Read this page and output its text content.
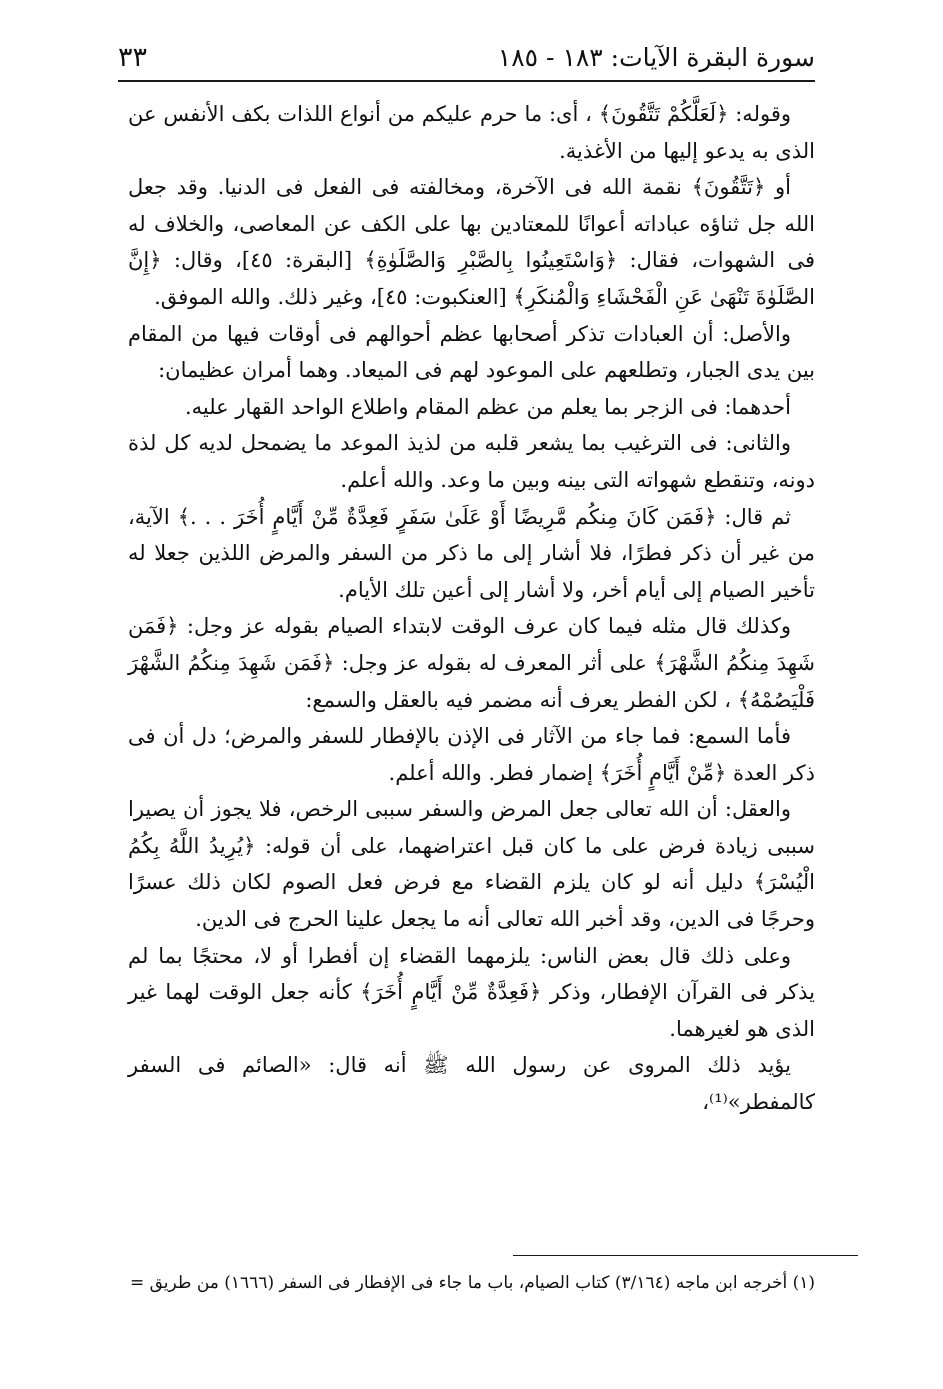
سورة البقرة الآيات: ١٨٣ - ١٨٥
٣٣

وقوله: ﴿لَعَلَّكُمْ تَتَّقُونَ﴾ ، أى: ما حرم عليكم من أنواع اللذات بكف الأنفس عن الذى به يدعو إليها من الأغذية.

أو ﴿تَتَّقُونَ﴾ نقمة الله فى الآخرة، ومخالفته فى الفعل فى الدنيا. وقد جعل الله جل ثناؤه عباداته أعوانًا للمعتادين بها على الكف عن المعاصى، والخلاف له فى الشهوات، فقال: ﴿وَاسْتَعِينُوا بِالصَّبْرِ وَالصَّلَوٰةِ﴾ [البقرة: ٤٥]، وقال: ﴿إِنَّ الصَّلَوٰةَ تَنْهَىٰ عَنِ الْفَحْشَاءِ وَالْمُنكَرِ﴾ [العنكبوت: ٤٥]، وغير ذلك. والله الموفق.

والأصل: أن العبادات تذكر أصحابها عظم أحوالهم فى أوقات فيها من المقام بين يدى الجبار، وتطلعهم على الموعود لهم فى الميعاد. وهما أمران عظيمان:

أحدهما: فى الزجر بما يعلم من عظم المقام واطلاع الواحد القهار عليه.

والثانى: فى الترغيب بما يشعر قلبه من لذيذ الموعد ما يضمحل لديه كل لذة دونه، وتنقطع شهواته التى بينه وبين ما وعد. والله أعلم.

ثم قال: ﴿فَمَن كَانَ مِنكُم مَّرِيضًا أَوْ عَلَىٰ سَفَرٍ فَعِدَّةٌ مِّنْ أَيَّامٍ أُخَرَ . . .﴾ الآية، من غير أن ذكر فطرًا، فلا أشار إلى ما ذكر من السفر والمرض اللذين جعلا له تأخير الصيام إلى أيام أخر، ولا أشار إلى أعين تلك الأيام.

وكذلك قال مثله فيما كان عرف الوقت لابتداء الصيام بقوله عز وجل: ﴿فَمَن شَهِدَ مِنكُمُ الشَّهْرَ﴾ على أثر المعرف له بقوله عز وجل: ﴿فَمَن شَهِدَ مِنكُمُ الشَّهْرَ فَلْيَصُمْهُ﴾ ، لكن الفطر يعرف أنه مضمر فيه بالعقل والسمع:

فأما السمع: فما جاء من الآثار فى الإذن بالإفطار للسفر والمرض؛ دل أن فى ذكر العدة ﴿مِّنْ أَيَّامٍ أُخَرَ﴾ إضمار فطر. والله أعلم.

والعقل: أن الله تعالى جعل المرض والسفر سببى الرخص، فلا يجوز أن يصيرا سببى زيادة فرض على ما كان قبل اعتراضهما، على أن قوله: ﴿يُرِيدُ اللَّهُ بِكُمُ الْيُسْرَ﴾ دليل أنه لو كان يلزم القضاء مع فرض فعل الصوم لكان ذلك عسرًا وحرجًا فى الدين، وقد أخبر الله تعالى أنه ما يجعل علينا الحرج فى الدين.

وعلى ذلك قال بعض الناس: يلزمهما القضاء إن أفطرا أو لا، محتجًا بما لم يذكر فى القرآن الإفطار، وذكر ﴿فَعِدَّةٌ مِّنْ أَيَّامٍ أُخَرَ﴾ كأنه جعل الوقت لهما غير الذى هو لغيرهما.

يؤيد ذلك المروى عن رسول الله ﷺ أنه قال: «الصائم فى السفر كالمفطر»⁽¹⁾،

(١) أخرجه ابن ماجه (٣/١٦٤) كتاب الصيام، باب ما جاء فى الإفطار فى السفر (١٦٦٦) من طريق =
